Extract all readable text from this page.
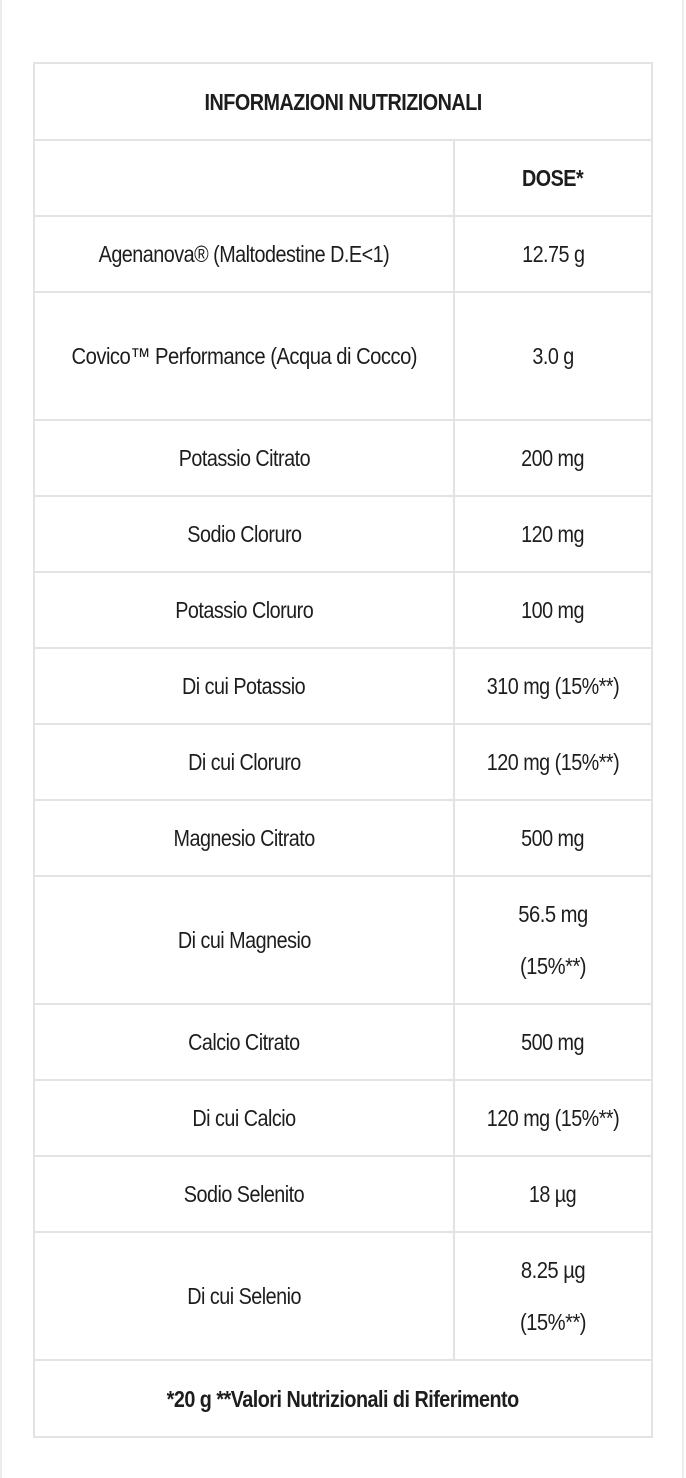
INFORMAZIONI NUTRIZIONALI	
	DOSE*
Agenanova® (Maltodestine D.E<1)	12.75 g
Covico™ Performance (Acqua di Cocco)	3.0 g
Potassio Citrato	200 mg
Sodio Cloruro	120 mg
Potassio Cloruro	100 mg
Di cui Potassio	310 mg (15%**)
Di cui Cloruro	120 mg (15%**)
Magnesio Citrato	500 mg
Di cui Magnesio	56.5 mg (15%**)
Calcio Citrato	500 mg
Di cui Calcio	120 mg (15%**)
Sodio Selenito	18 µg
Di cui Selenio	8.25 µg (15%**)
*20 g **Valori Nutrizionali di Riferimento	
